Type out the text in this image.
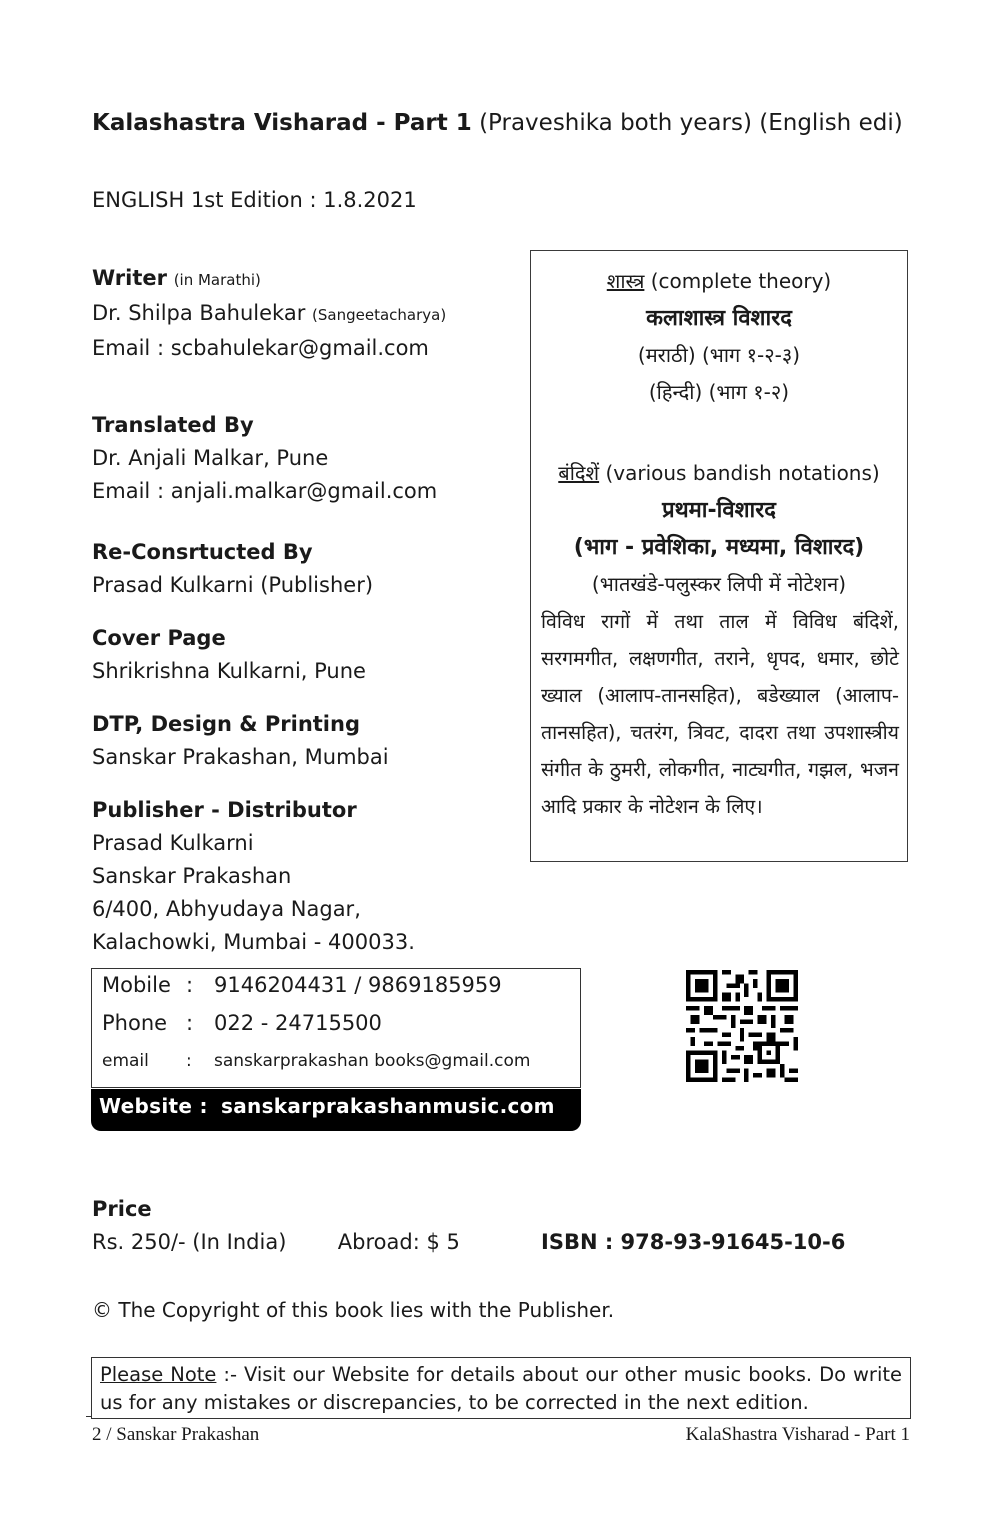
Kalashastra Visharad - Part 1 (Praveshika both years) (English edi)
ENGLISH 1st Edition : 1.8.2021
Writer (in Marathi)
Dr. Shilpa Bahulekar (Sangeetacharya)
Email : scbahulekar@gmail.com
Translated By
Dr. Anjali Malkar, Pune
Email : anjali.malkar@gmail.com
Re-Consrtucted By
Prasad Kulkarni (Publisher)
Cover Page
Shrikrishna Kulkarni, Pune
DTP, Design & Printing
Sanskar Prakashan, Mumbai
Publisher - Distributor
Prasad Kulkarni
Sanskar Prakashan
6/400, Abhyudaya Nagar,
Kalachowki, Mumbai - 400033.
शास्त्र (complete theory)
कलाशास्त्र विशारद
(मराठी) (भाग १-२-३)
(हिन्दी) (भाग १-२)
बंदिशें (various bandish notations)
प्रथमा-विशारद
(भाग - प्रवेशिका, मध्यमा, विशारद)
(भातखंडे-पलुस्कर लिपी में नोटेशन)
विविध रागों में तथा ताल में विविध बंदिशें, सरगमगीत, लक्षणगीत, तराने, धृपद, धमार, छोटे ख्याल (आलाप-तानसहित), बडेख्याल (आलाप-तानसहित), चतरंग, त्रिवट, दादरा तथा उपशास्त्रीय संगीत के ठुमरी, लोकगीत, नाट्यगीत, गझल, भजन आदि प्रकार के नोटेशन के लिए।
Mobile : 9146204431 / 9869185959
Phone : 022 - 24715500
email : sanskarprakashan books@gmail.com
Website : sanskarprakashanmusic.com
Price
Rs. 250/- (In India) Abroad: $ 5	ISBN : 978-93-91645-10-6
© The Copyright of this book lies with the Publisher.
Please Note :- Visit our Website for details about our other music books. Do write us for any mistakes or discrepancies, to be corrected in the next edition.
2 / Sanskar Prakashan	KalaShastra Visharad - Part 1
